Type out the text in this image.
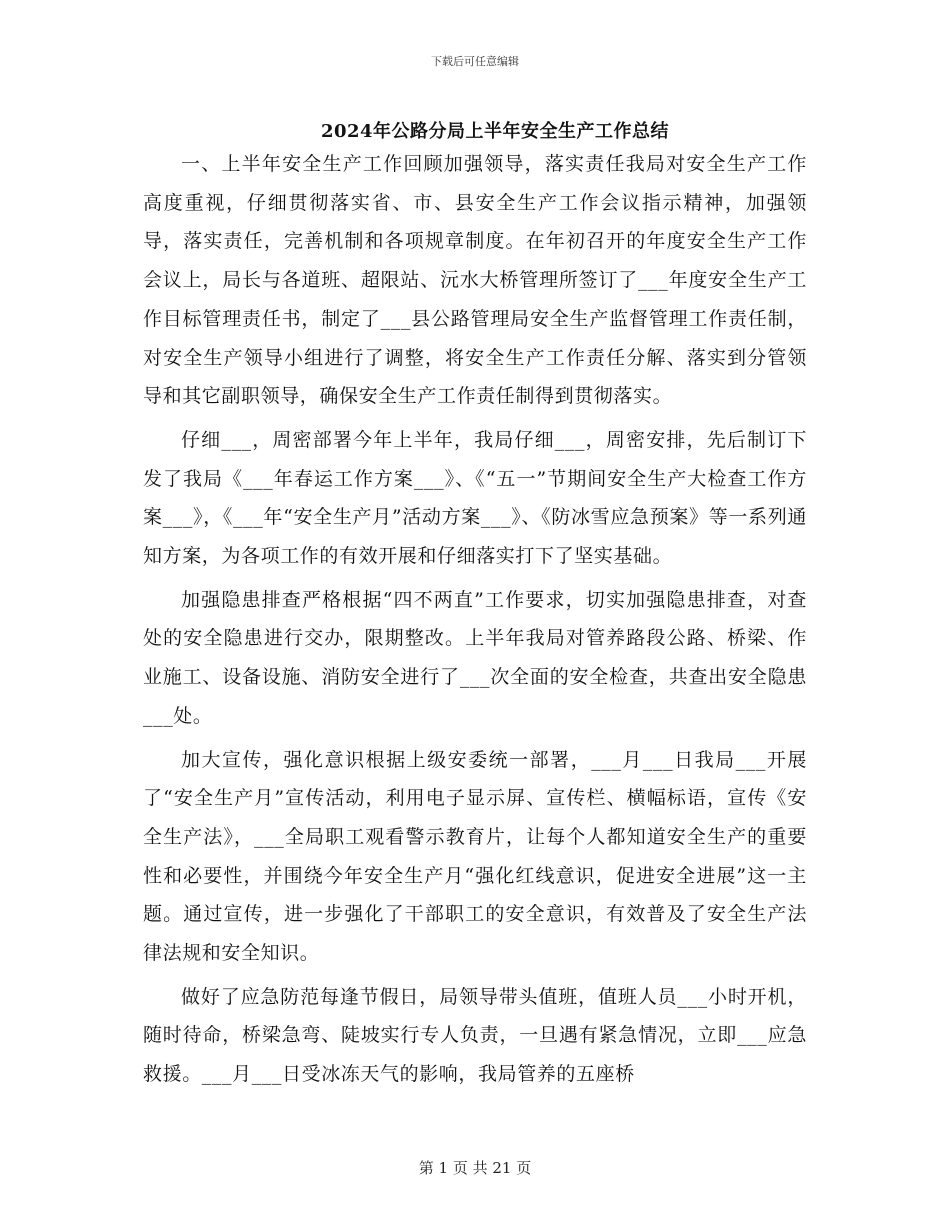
下载后可任意编辑
2024年公路分局上半年安全生产工作总结

一、上半年安全生产工作回顾加强领导，落实责任我局对安全生产工作高度重视，仔细贯彻落实省、市、县安全生产工作会议指示精神，加强领导，落实责任，完善机制和各项规章制度。在年初召开的年度安全生产工作会议上，局长与各道班、超限站、沅水大桥管理所签订了___年度安全生产工作目标管理责任书，制定了___县公路管理局安全生产监督管理工作责任制，对安全生产领导小组进行了调整，将安全生产工作责任分解、落实到分管领导和其它副职领导，确保安全生产工作责任制得到贯彻落实。

仔细___，周密部署今年上半年，我局仔细___，周密安排，先后制订下发了我局《___年春运工作方案___》、《“五一”节期间安全生产大检查工作方案___》，《___年“安全生产月”活动方案___》、《防冰雪应急预案》等一系列通知方案，为各项工作的有效开展和仔细落实打下了坚实基础。

加强隐患排查严格根据“四不两直”工作要求，切实加强隐患排查，对查处的安全隐患进行交办，限期整改。上半年我局对管养路段公路、桥梁、作业施工、设备设施、消防安全进行了___次全面的安全检查，共查出安全隐患___处。

加大宣传，强化意识根据上级安委统一部署，___月___日我局___开展了“安全生产月”宣传活动，利用电子显示屏、宣传栏、横幅标语，宣传《安全生产法》，___全局职工观看警示教育片，让每个人都知道安全生产的重要性和必要性，并围绕今年安全生产月“强化红线意识，促进安全进展”这一主题。通过宣传，进一步强化了干部职工的安全意识，有效普及了安全生产法律法规和安全知识。

做好了应急防范每逢节假日，局领导带头值班，值班人员___小时开机，随时待命，桥梁急弯、陡坡实行专人负责，一旦遇有紧急情况，立即___应急救援。___月___日受冰冻天气的影响，我局管养的五座桥

第 1 页 共 21 页
